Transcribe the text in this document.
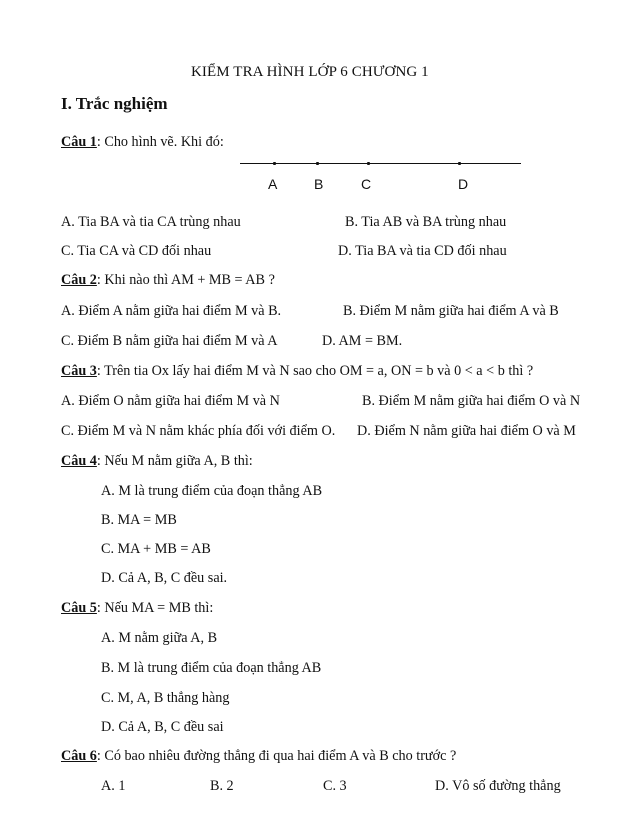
KIỂM TRA HÌNH LỚP 6 CHƯƠNG 1
I. Trắc nghiệm
Câu 1: Cho hình vẽ. Khi đó:
A	B	C	D
A. Tia BA và tia CA trùng nhau	B. Tia AB và BA trùng nhau
C. Tia CA và CD đối nhau	D. Tia BA và tia CD đối nhau
Câu 2: Khi nào thì AM + MB = AB ?
A. Điểm A nằm giữa hai điểm M và B.	B. Điểm M nằm giữa hai điểm A và B
C. Điểm B nằm giữa hai điểm M và A	D. AM = BM.
Câu 3: Trên tia Ox lấy hai điểm M và N sao cho OM = a, ON = b và 0 < a < b thì ?
A. Điểm O nằm giữa hai điểm M và N	B. Điểm M nằm giữa hai điểm O và N
C. Điểm M và N nằm khác phía đối với điểm O. D. Điểm N nằm giữa hai điểm O và M
Câu 4: Nếu M nằm giữa A, B thì:
A. M là trung điểm của đoạn thẳng AB
B. MA = MB
C. MA + MB = AB
D. Cả A, B, C đều sai.
Câu 5: Nếu MA = MB thì:
A. M nằm giữa A, B
B. M là trung điểm của đoạn thẳng AB
C. M, A, B thẳng hàng
D. Cả A, B, C đều sai
Câu 6: Có bao nhiêu đường thẳng đi qua hai điểm A và B cho trước ?
A. 1	B. 2	C. 3	D. Vô số đường thẳng
